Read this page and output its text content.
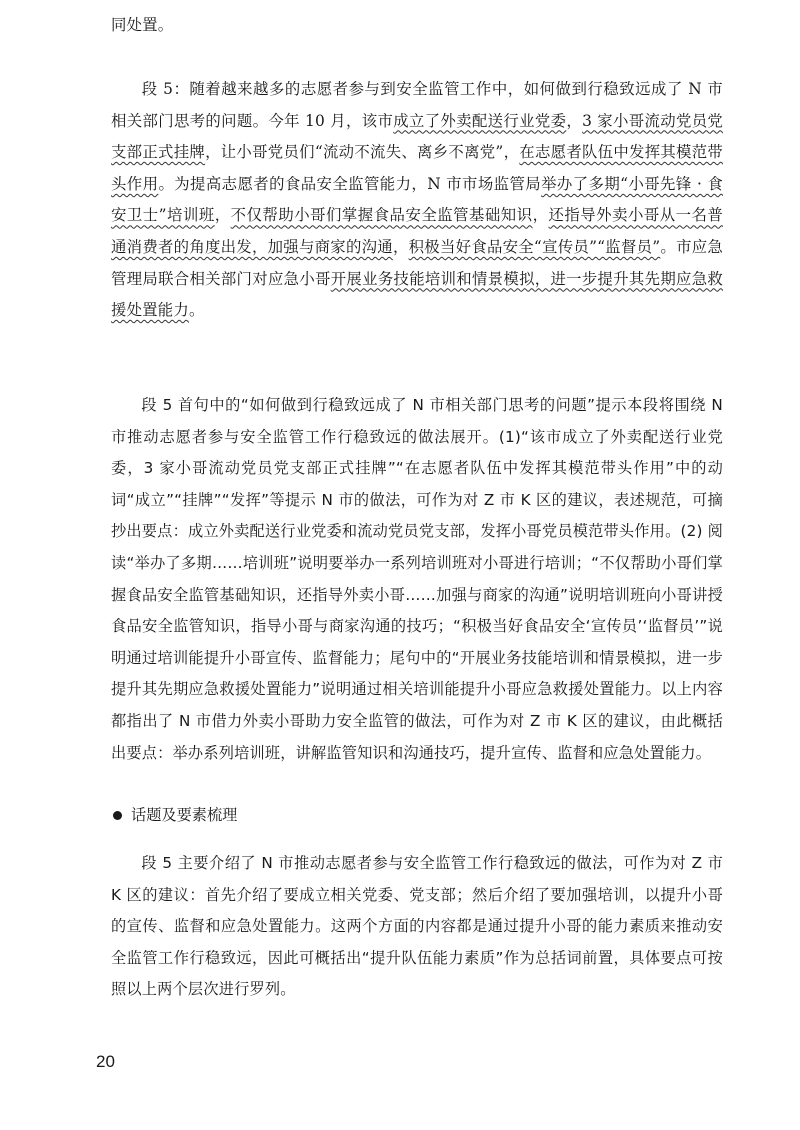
同处置。

段 5：随着越来越多的志愿者参与到安全监管工作中，如何做到行稳致远成了 N 市相关部门思考的问题。今年 10 月，该市成立了外卖配送行业党委，3 家小哥流动党员党支部正式挂牌，让小哥党员们“流动不流失、离乡不离党”，在志愿者队伍中发挥其模范带头作用。为提高志愿者的食品安全监管能力，N 市市场监管局举办了多期“小哥先锋 · 食安卫士”培训班，不仅帮助小哥们掌握食品安全监管基础知识，还指导外卖小哥从一名普通消费者的角度出发，加强与商家的沟通，积极当好食品安全“宣传员”“监督员”。市应急管理局联合相关部门对应急小哥开展业务技能培训和情景模拟，进一步提升其先期应急救援处置能力。

段 5 首句中的“如何做到行稳致远成了 N 市相关部门思考的问题”提示本段将围绕 N 市推动志愿者参与安全监管工作行稳致远的做法展开。(1)“该市成立了外卖配送行业党委，3 家小哥流动党员党支部正式挂牌”“在志愿者队伍中发挥其模范带头作用”中的动词“成立”“挂牌”“发挥”等提示 N 市的做法，可作为对 Z 市 K 区的建议，表述规范，可摘抄出要点：成立外卖配送行业党委和流动党员党支部，发挥小哥党员模范带头作用。(2) 阅读“举办了多期……培训班”说明要举办一系列培训班对小哥进行培训；“不仅帮助小哥们掌握食品安全监管基础知识，还指导外卖小哥……加强与商家的沟通”说明培训班向小哥讲授食品安全监管知识，指导小哥与商家沟通的技巧；“积极当好食品安全‘宣传员’‘监督员’”说明通过培训能提升小哥宣传、监督能力；尾句中的“开展业务技能培训和情景模拟，进一步提升其先期应急救援处置能力”说明通过相关培训能提升小哥应急救援处置能力。以上内容都指出了 N 市借力外卖小哥助力安全监管的做法，可作为对 Z 市 K 区的建议，由此概括出要点：举办系列培训班，讲解监管知识和沟通技巧，提升宣传、监督和应急处置能力。

话题及要素梳理

段 5 主要介绍了 N 市推动志愿者参与安全监管工作行稳致远的做法，可作为对 Z 市 K 区的建议：首先介绍了要成立相关党委、党支部；然后介绍了要加强培训，以提升小哥的宣传、监督和应急处置能力。这两个方面的内容都是通过提升小哥的能力素质来推动安全监管工作行稳致远，因此可概括出“提升队伍能力素质”作为总括词前置，具体要点可按照以上两个层次进行罗列。

20
